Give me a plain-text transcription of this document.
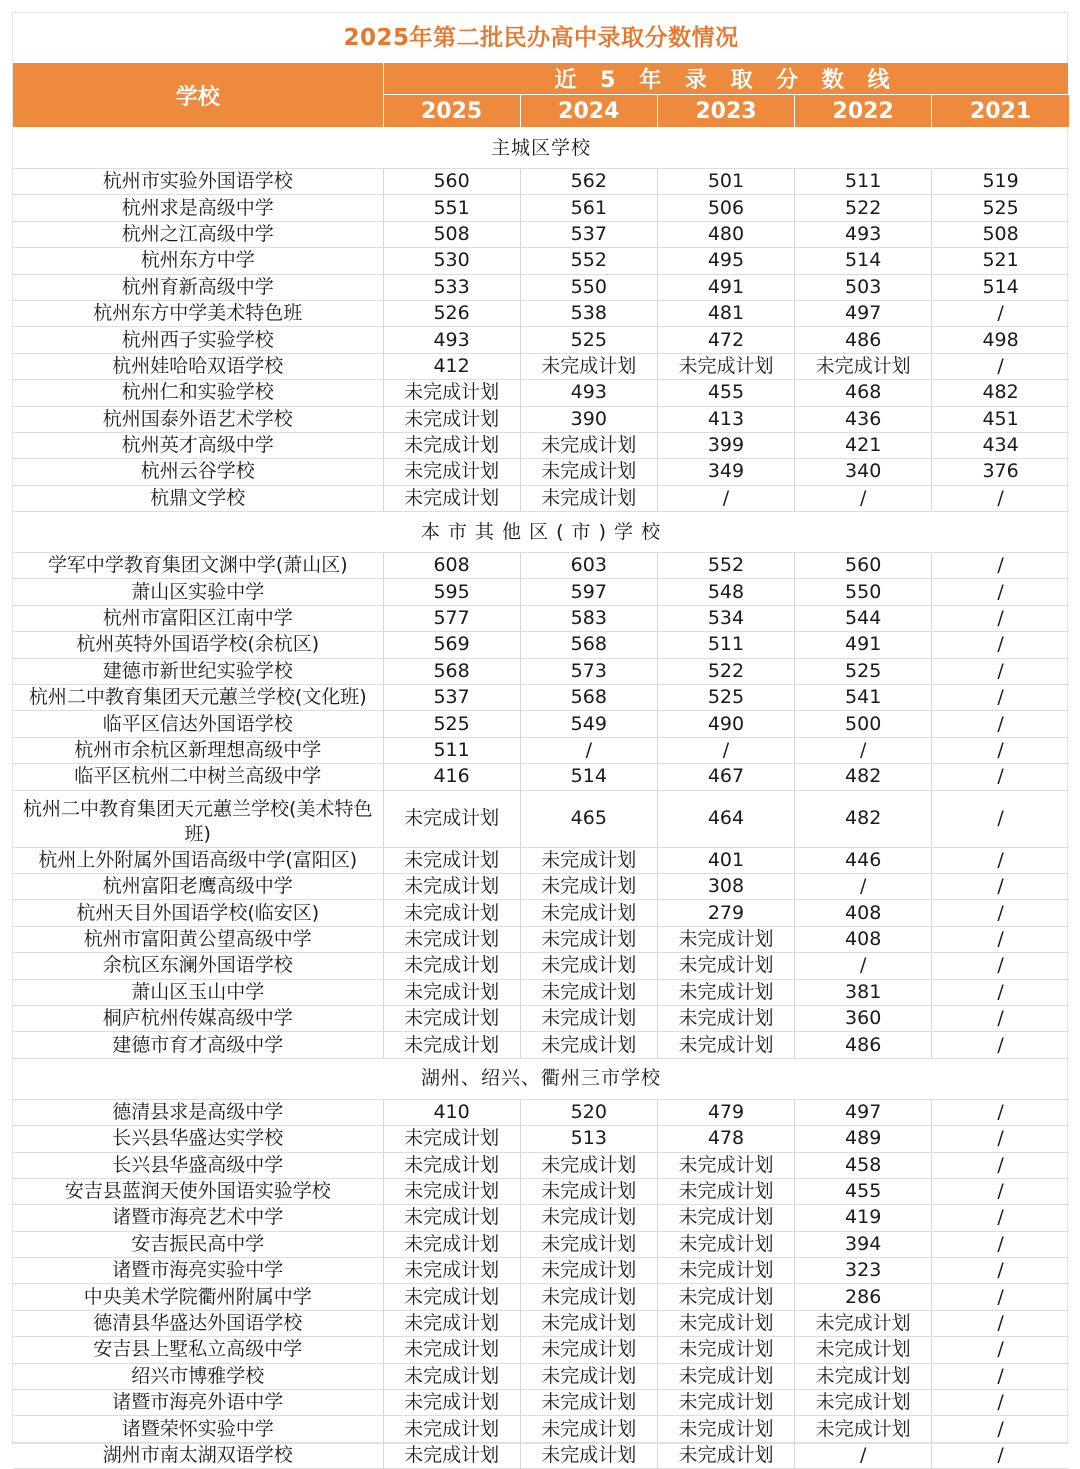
2025年第二批民办高中录取分数情况
学校	近 5 年 录 取 分 数 线				
	2025	2024	2023	2022	2021
主城区学校					
杭州市实验外国语学校	560	562	501	511	519
杭州求是高级中学	551	561	506	522	525
杭州之江高级中学	508	537	480	493	508
杭州东方中学	530	552	495	514	521
杭州育新高级中学	533	550	491	503	514
杭州东方中学美术特色班	526	538	481	497	/
杭州西子实验学校	493	525	472	486	498
杭州娃哈哈双语学校	412	未完成计划	未完成计划	未完成计划	/
杭州仁和实验学校	未完成计划	493	455	468	482
杭州国泰外语艺术学校	未完成计划	390	413	436	451
杭州英才高级中学	未完成计划	未完成计划	399	421	434
杭州云谷学校	未完成计划	未完成计划	349	340	376
杭鼎文学校	未完成计划	未完成计划	/	/	/
本 市 其 他 区 ( 市 ) 学 校					
学军中学教育集团文渊中学(萧山区)	608	603	552	560	/
萧山区实验中学	595	597	548	550	/
杭州市富阳区江南中学	577	583	534	544	/
杭州英特外国语学校(余杭区)	569	568	511	491	/
建德市新世纪实验学校	568	573	522	525	/
杭州二中教育集团天元蕙兰学校(文化班)	537	568	525	541	/
临平区信达外国语学校	525	549	490	500	/
杭州市余杭区新理想高级中学	511	/	/	/	/
临平区杭州二中树兰高级中学	416	514	467	482	/
杭州二中教育集团天元蕙兰学校(美术特色班)	未完成计划	465	464	482	/
杭州上外附属外国语高级中学(富阳区)	未完成计划	未完成计划	401	446	/
杭州富阳老鹰高级中学	未完成计划	未完成计划	308	/	/
杭州天目外国语学校(临安区)	未完成计划	未完成计划	279	408	/
杭州市富阳黄公望高级中学	未完成计划	未完成计划	未完成计划	408	/
余杭区东澜外国语学校	未完成计划	未完成计划	未完成计划	/	/
萧山区玉山中学	未完成计划	未完成计划	未完成计划	381	/
桐庐杭州传媒高级中学	未完成计划	未完成计划	未完成计划	360	/
建德市育才高级中学	未完成计划	未完成计划	未完成计划	486	/
湖州、绍兴、衢州三市学校					
德清县求是高级中学	410	520	479	497	/
长兴县华盛达实学校	未完成计划	513	478	489	/
长兴县华盛高级中学	未完成计划	未完成计划	未完成计划	458	/
安吉县蓝润天使外国语实验学校	未完成计划	未完成计划	未完成计划	455	/
诸暨市海亮艺术中学	未完成计划	未完成计划	未完成计划	419	/
安吉振民高中学	未完成计划	未完成计划	未完成计划	394	/
诸暨市海亮实验中学	未完成计划	未完成计划	未完成计划	323	/
中央美术学院衢州附属中学	未完成计划	未完成计划	未完成计划	286	/
德清县华盛达外国语学校	未完成计划	未完成计划	未完成计划	未完成计划	/
安吉县上墅私立高级中学	未完成计划	未完成计划	未完成计划	未完成计划	/
绍兴市博雅学校	未完成计划	未完成计划	未完成计划	未完成计划	/
诸暨市海亮外语中学	未完成计划	未完成计划	未完成计划	未完成计划	/
诸暨荣怀实验中学	未完成计划	未完成计划	未完成计划	未完成计划	/
湖州市南太湖双语学校	未完成计划	未完成计划	未完成计划	/	/
